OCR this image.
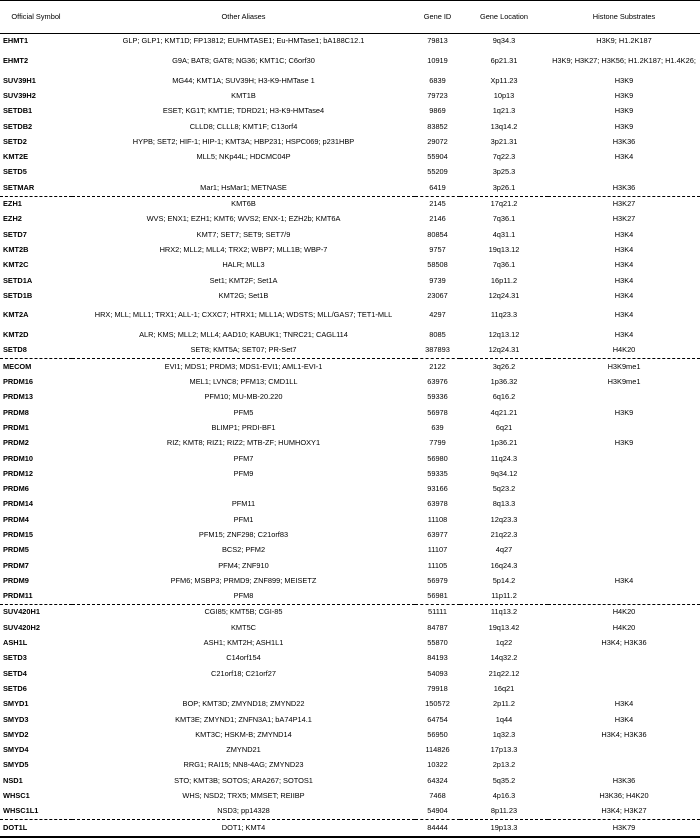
Official Symbol	Other Aliases	Gene ID	Gene Location	Histone Substrates
EHMT1	GLP; GLP1; KMT1D; FP13812; EUHMTASE1; Eu-HMTase1; bA188C12.1	79813	9q34.3	H3K9; H1.2K187
EHMT2	G9A; BAT8; GAT8; NG36; KMT1C; C6orf30	10919	6p21.31	H3K9; H3K27; H3K56; H1.2K187; H1.4K26;
SUV39H1	MG44; KMT1A; SUV39H; H3-K9-HMTase 1	6839	Xp11.23	H3K9
SUV39H2	KMT1B	79723	10p13	H3K9
SETDB1	ESET; KG1T; KMT1E; TDRD21; H3-K9-HMTase4	9869	1q21.3	H3K9
SETDB2	CLLD8; CLLL8; KMT1F; C13orf4	83852	13q14.2	H3K9
SETD2	HYPB; SET2; HIF-1; HIP-1; KMT3A; HBP231; HSPC069; p231HBP	29072	3p21.31	H3K36
KMT2E	MLL5; NKp44L; HDCMC04P	55904	7q22.3	H3K4
SETD5		55209	3p25.3	
SETMAR	Mar1; HsMar1; METNASE	6419	3p26.1	H3K36
EZH1	KMT6B	2145	17q21.2	H3K27
EZH2	WVS; ENX1; EZH1; KMT6; WVS2; ENX-1; EZH2b; KMT6A	2146	7q36.1	H3K27
SETD7	KMT7; SET7; SET9; SET7/9	80854	4q31.1	H3K4
KMT2B	HRX2; MLL2; MLL4; TRX2; WBP7; MLL1B; WBP-7	9757	19q13.12	H3K4
KMT2C	HALR; MLL3	58508	7q36.1	H3K4
SETD1A	Set1; KMT2F; Set1A	9739	16p11.2	H3K4
SETD1B	KMT2G; Set1B	23067	12q24.31	H3K4
KMT2A	HRX; MLL; MLL1; TRX1; ALL-1; CXXC7; HTRX1; MLL1A; WDSTS; MLL/GAS7; TET1-MLL	4297	11q23.3	H3K4
KMT2D	ALR; KMS; MLL2; MLL4; AAD10; KABUK1; TNRC21; CAGL114	8085	12q13.12	H3K4
SETD8	SET8; KMT5A; SET07; PR-Set7	387893	12q24.31	H4K20
MECOM	EVI1; MDS1; PRDM3; MDS1-EVI1; AML1-EVI-1	2122	3q26.2	H3K9me1
PRDM16	MEL1; LVNC8; PFM13; CMD1LL	63976	1p36.32	H3K9me1
PRDM13	PFM10; MU-MB-20.220	59336	6q16.2	
PRDM8	PFM5	56978	4q21.21	H3K9
PRDM1	BLIMP1; PRDI-BF1	639	6q21	
PRDM2	RIZ; KMT8; RIZ1; RIZ2; MTB-ZF; HUMHOXY1	7799	1p36.21	H3K9
PRDM10	PFM7	56980	11q24.3	
PRDM12	PFM9	59335	9q34.12	
PRDM6		93166	5q23.2	
PRDM14	PFM11	63978	8q13.3	
PRDM4	PFM1	11108	12q23.3	
PRDM15	PFM15; ZNF298; C21orf83	63977	21q22.3	
PRDM5	BCS2; PFM2	11107	4q27	
PRDM7	PFM4; ZNF910	11105	16q24.3	
PRDM9	PFM6; MSBP3; PRMD9; ZNF899; MEISETZ	56979	5p14.2	H3K4
PRDM11	PFM8	56981	11p11.2	
SUV420H1	CGI85; KMT5B; CGI-85	51111	11q13.2	H4K20
SUV420H2	KMT5C	84787	19q13.42	H4K20
ASH1L	ASH1; KMT2H; ASH1L1	55870	1q22	H3K4; H3K36
SETD3	C14orf154	84193	14q32.2	
SETD4	C21orf18; C21orf27	54093	21q22.12	
SETD6		79918	16q21	
SMYD1	BOP; KMT3D; ZMYND18; ZMYND22	150572	2p11.2	H3K4
SMYD3	KMT3E; ZMYND1; ZNFN3A1; bA74P14.1	64754	1q44	H3K4
SMYD2	KMT3C; HSKM-B; ZMYND14	56950	1q32.3	H3K4; H3K36
SMYD4	ZMYND21	114826	17p13.3	
SMYD5	RRG1; RAI15; NN8-4AG; ZMYND23	10322	2p13.2	
NSD1	STO; KMT3B; SOTOS; ARA267; SOTOS1	64324	5q35.2	H3K36
WHSC1	WHS; NSD2; TRX5; MMSET; REIIBP	7468	4p16.3	H3K36; H4K20
WHSC1L1	NSD3; pp14328	54904	8p11.23	H3K4; H3K27
DOT1L	DOT1; KMT4	84444	19p13.3	H3K79
